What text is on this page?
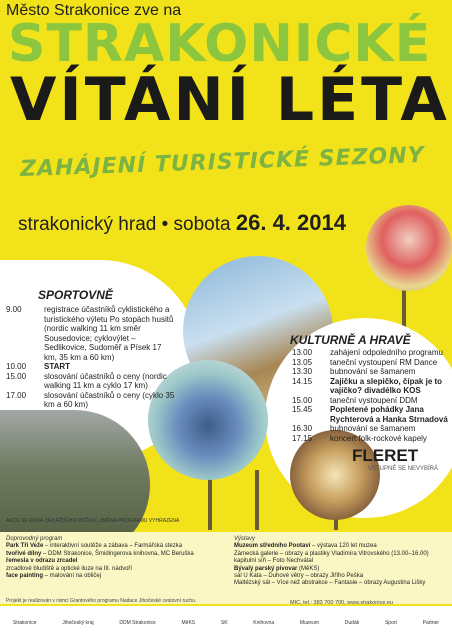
Město Strakonice zve na
STRAKONICKÉ
VÍTÁNÍ LÉTA
ZAHÁJENÍ TURISTICKÉ SEZONY
strakonický hrad • sobota 26. 4. 2014
SPORTOVNĚ
9.00	registrace účastníků cyklistického a turistického výletu Po stopách husitů (nordic walking 11 km směr Sousedovice; cyklovýlet – Sedlikovice, Sudoměř a Písek 17 km, 35 km a 60 km)
10.00	START
15.00	slosování účastníků o ceny (nordic walking 11 km a cyklo 17 km)
17.00	slosování účastníků o ceny (cyklo 35 km a 60 km)
KULTURNĚ A HRAVĚ
13.00	zahájení odpoledního programu
13.05	taneční vystoupení RM Dance
13.30	bubnování se šamanem
14.15	Zajíčku a slepičko, čípak je to vajíčko? divadélko KOS
15.00	taneční vystoupení DDM
15.45	Popletené pohádky Jana Rychterová a Hanka Strnadová
16.30	bubnování se šamanem
17.15	koncert folk-rockové kapely
FLERET
VSTUPNÉ SE NEVYBÍRÁ
AKCE SE KONÁ ZA KAŽDÉHO POČASÍ, ZMĚNA PROGRAMU VYHRAZENA
Doprovodný program
Park Tři Veže – interaktivní soutěže a zábava – Farmářská stezka
tvořivé dílny – DDM Strakonice, Šmidingerova knihovna, MC Beruška
řemesla v odrazu zrcadel
zrcadlové bludiště a optické iluze na III. nádvoří
face painting – malování na obličej
Výstavy
Muzeum středního Pootaví – výstava 120 let muzea
Zámecká galerie – obrazy a plastiky Vladimíra Vitrovského (13.00–16.00)
kapitulní síň – Foto Nechvátal
Bývalý parský pivovar (MěKS)
sál U Kata – Duhové větry – obrazy Jiřího Peška
Maltézský sál – Více než abstrakce – Fantasie – obrazy Augustina Lišky
Projekt je realizován v rámci Grantového programu Nadace Jihočeské cestovní ruchu.	MIC, tel.: 383 700 700, www.strakonice.eu
Strakonice	Jihočeský kraj	DDM Strakonice	MěKS	SK	Knihovna	Muzeum	Dudák	Sport	Partner
